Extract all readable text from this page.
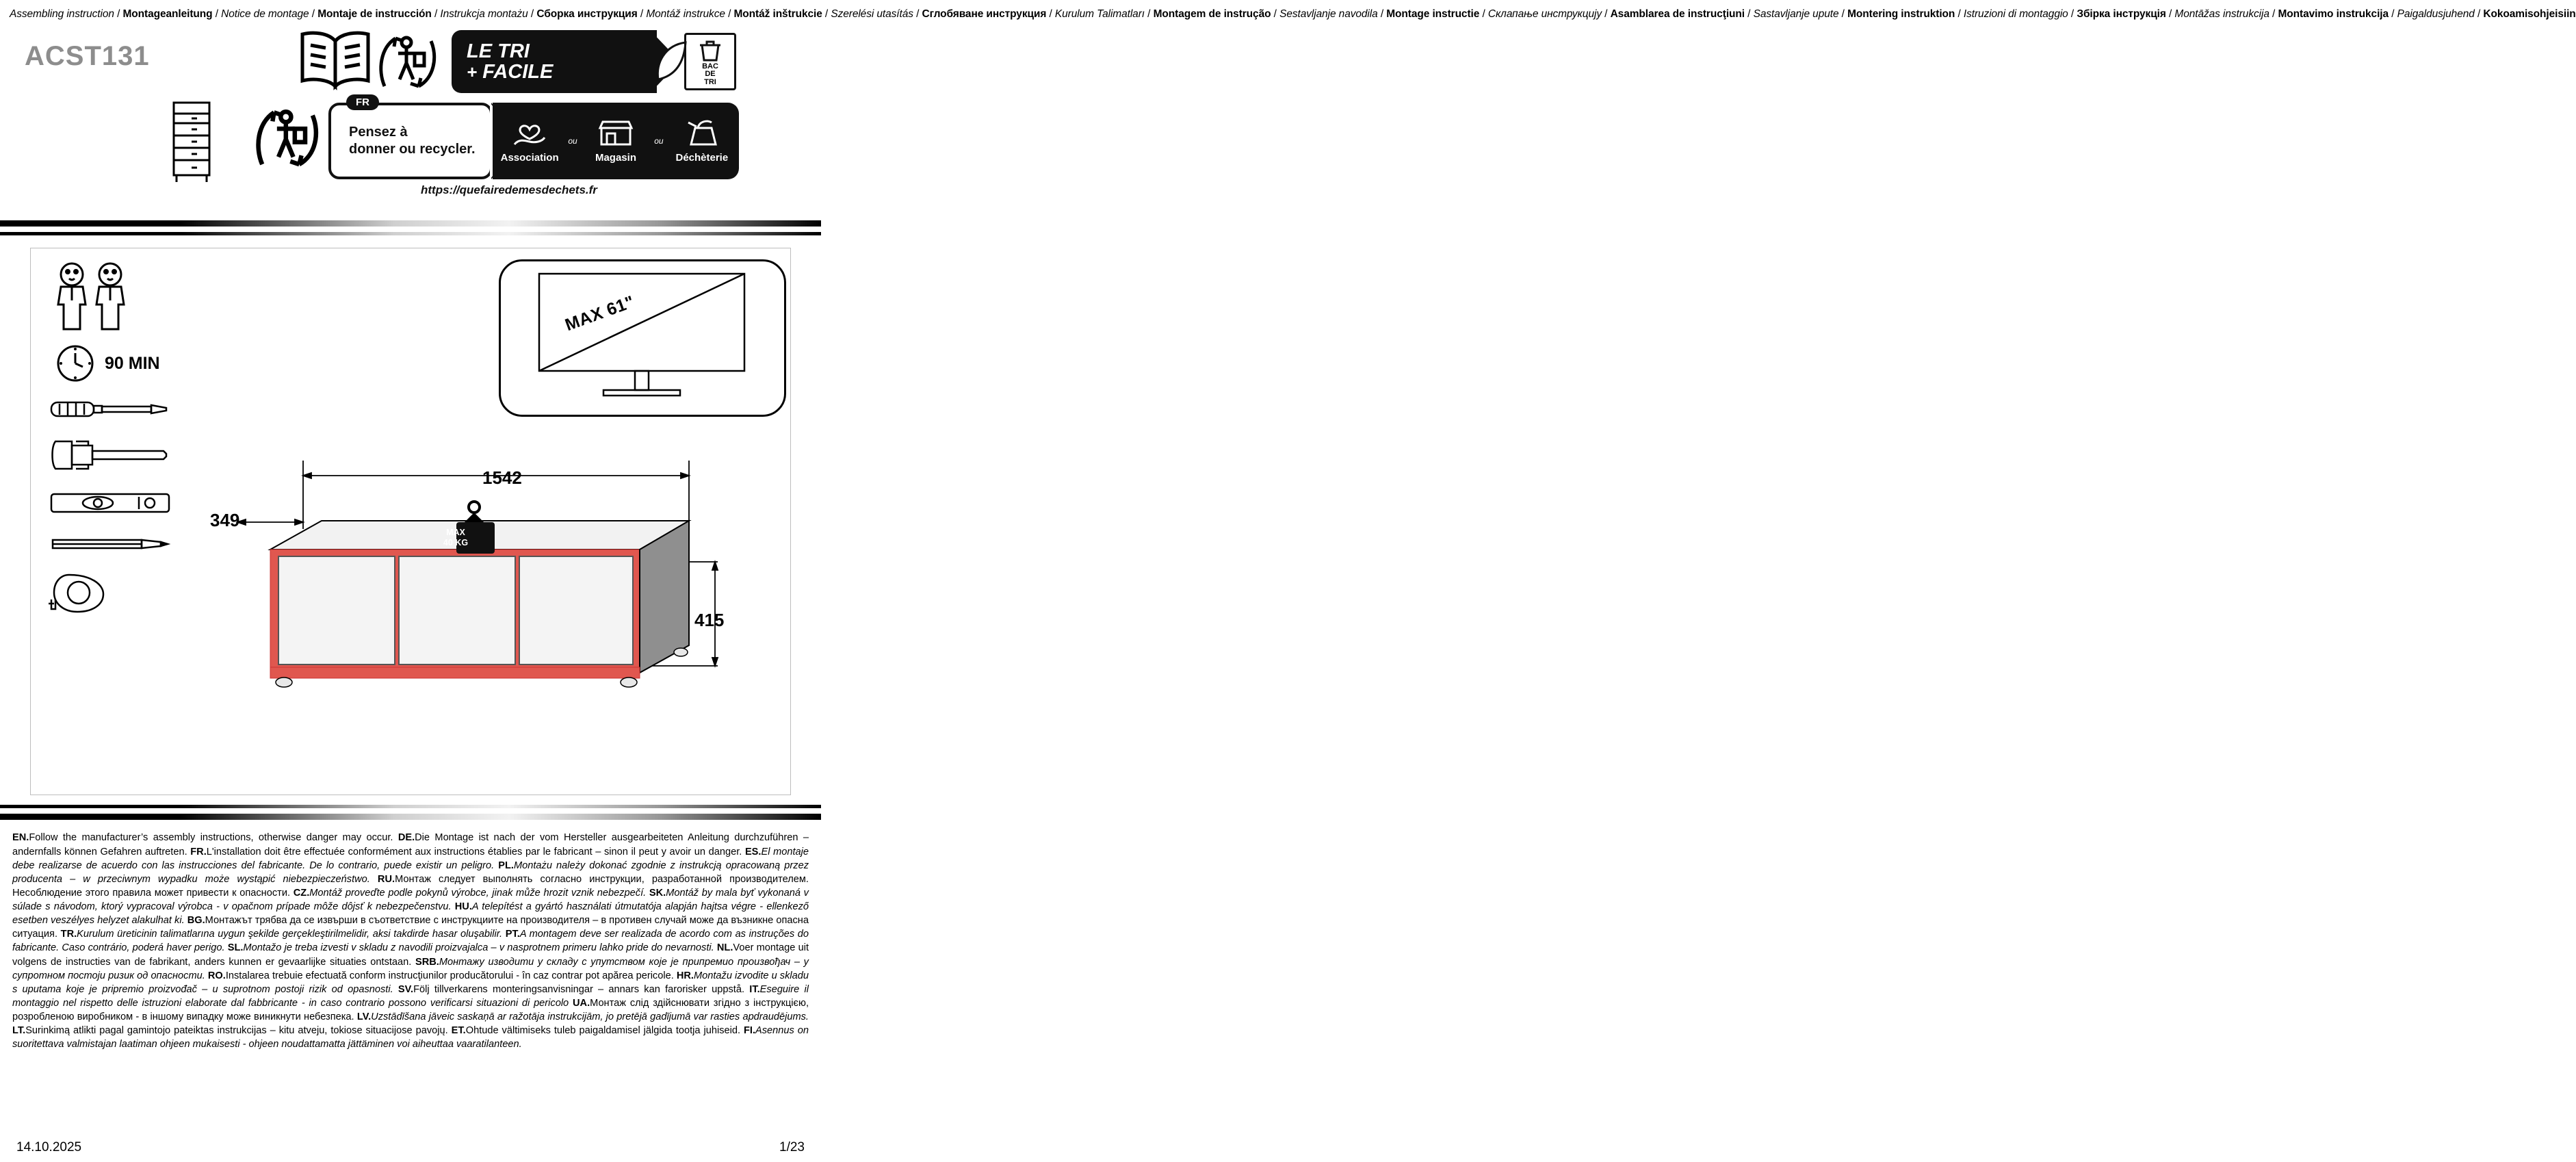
Assembling instruction / Montageanleitung / Notice de montage / Montaje de instrucción / Instrukcja montażu / Сборка инструкция / Montáž instrukce / Montáž inštrukcie / Szerelési utasítás / Сглобяване инструкция / Kurulum Talimatları / Montagem de instrução / Sestavljanje navodila / Montage instructie / Склапање инструкцију / Asamblarea de instrucţiuni / Sastavljanje upute / Montering instruktion / Istruzioni di montaggio / Збірка інструкція / Montāžas instrukcija / Montavimo instrukcija / Paigaldusjuhend / Kokoamisohjeisiin
ACST131	LE TRI
+ FACILE	BAC
DE
TRI
FR
Pensez à
donner ou recycler.
Association
ou
Magasin
ou
Déchèterie
https://quefairedemesdechets.fr
90 MIN
MAX 61"
1542
349
415
MAX
40 KG
EN.Follow the manufacturer’s assembly instructions, otherwise danger may occur. DE.Die Montage ist nach der vom Hersteller ausgearbeiteten Anleitung durchzuführen – andernfalls können Gefahren auftreten. FR.L'installation doit être effectuée conformément aux instructions établies par le fabricant – sinon il peut y avoir un danger. ES.El montaje debe realizarse de acuerdo con las instrucciones del fabricante. De lo contrario, puede existir un peligro. PL.Montażu należy dokonać zgodnie z instrukcją opracowaną przez producenta – w przeciwnym wypadku może wystąpić niebezpieczeństwo. RU.Монтаж следует выполнять согласно инструкции, разработанной производителем. Несоблюдение этого правила может привести к опасности. CZ.Montáž proveďte podle pokynů výrobce, jinak může hrozit vznik nebezpečí. SK.Montáž by mala byť vykonaná v súlade s návodom, ktorý vypracoval výrobca - v opačnom prípade môže dôjsť k nebezpečenstvu. HU.A telepítést a gyártó használati útmutatója alapján hajtsa végre - ellenkező esetben veszélyes helyzet alakulhat ki. BG.Монтажът трябва да се извърши в съответствие с инструкциите на производителя – в противен случай може да възникне опасна ситуация. TR.Kurulum üreticinin talimatlarına uygun şekilde gerçekleştirilmelidir, aksi takdirde hasar oluşabilir. PT.A montagem deve ser realizada de acordo com as instruções do fabricante. Caso contrário, poderá haver perigo. SL.Montažo je treba izvesti v skladu z navodili proizvajalca – v nasprotnem primeru lahko pride do nevarnosti. NL.Voer montage uit volgens de instructies van de fabrikant, anders kunnen er gevaarlijke situaties ontstaan. SRB.Монтажу изводити у складу с упутством које је припремио произвођач – у супротном постоји ризик од опасности. RO.Instalarea trebuie efectuată conform instrucţiunilor producătorului - în caz contrar pot apărea pericole. HR.Montažu izvodite u skladu s uputama koje je pripremio proizvođač – u suprotnom postoji rizik od opasnosti. SV.Följ tillverkarens monteringsanvisningar – annars kan farorisker uppstå. IT.Eseguire il montaggio nel rispetto delle istruzioni elaborate dal fabbricante - in caso contrario possono verificarsi situazioni di pericolo UA.Монтаж слід здійснювати згідно з інструкцією, розробленою виробником - в іншому випадку може виникнути небезпека. LV.Uzstādīšana jāveic saskaņā ar ražotāja instrukcijām, jo pretējā gadījumā var rasties apdraudējums. LT.Surinkimą atlikti pagal gamintojo pateiktas instrukcijas – kitu atveju, tokiose situacijose pavojų. ET.Ohtude vältimiseks tuleb paigaldamisel jälgida tootja juhiseid. FI.Asennus on suoritettava valmistajan laatiman ohjeen mukaisesti - ohjeen noudattamatta jättäminen voi aiheuttaa vaaratilanteen.
14.10.2025	1/23
